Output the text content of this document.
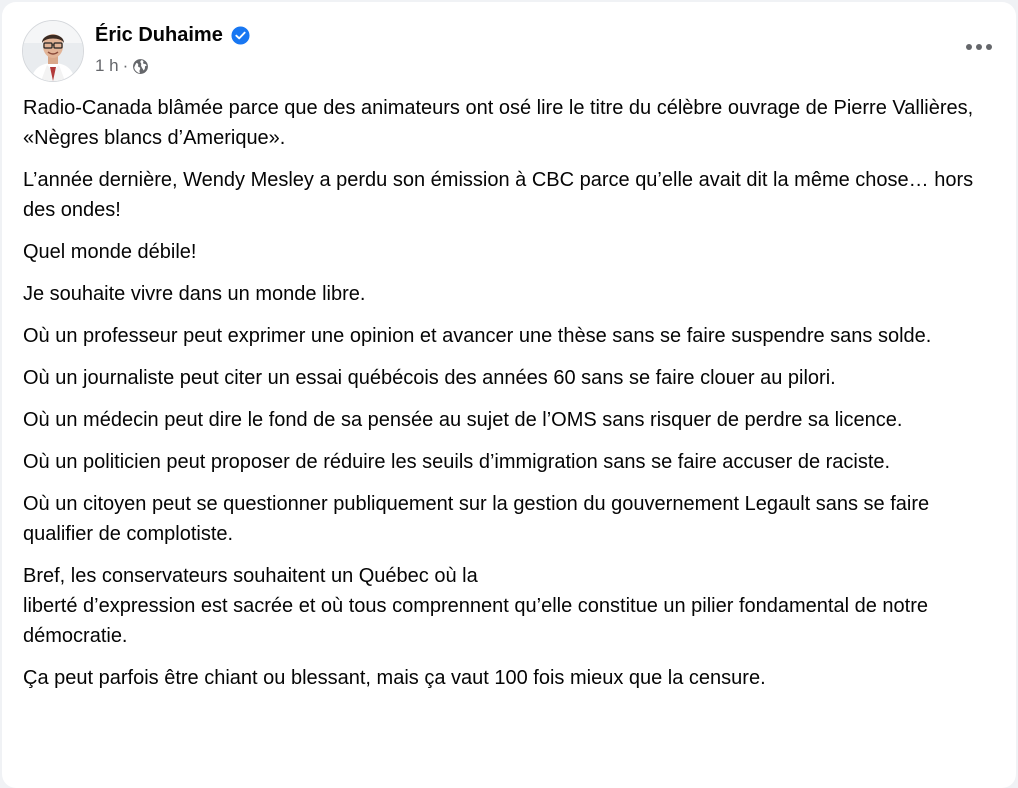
Éric Duhaime
1 h ·

Radio-Canada blâmée parce que des animateurs ont osé lire le titre du célèbre ouvrage de Pierre Vallières, «Nègres blancs d’Amerique».

L’année dernière, Wendy Mesley a perdu son émission à CBC parce qu’elle avait dit la même chose… hors des ondes!

Quel monde débile!

Je souhaite vivre dans un monde libre.

Où un professeur peut exprimer une opinion et avancer une thèse sans se faire suspendre sans solde.

Où un journaliste peut citer un essai québécois des années 60 sans se faire clouer au pilori.

Où un médecin peut dire le fond de sa pensée au sujet de l’OMS sans risquer de perdre sa licence.

Où un politicien peut proposer de réduire les seuils d’immigration sans se faire accuser de raciste.

Où un citoyen peut se questionner publiquement sur la gestion du gouvernement Legault sans se faire qualifier de complotiste.

Bref, les conservateurs souhaitent un Québec où la
liberté d’expression est sacrée et où tous comprennent qu’elle constitue un pilier fondamental de notre démocratie.

Ça peut parfois être chiant ou blessant, mais ça vaut 100 fois mieux que la censure.
